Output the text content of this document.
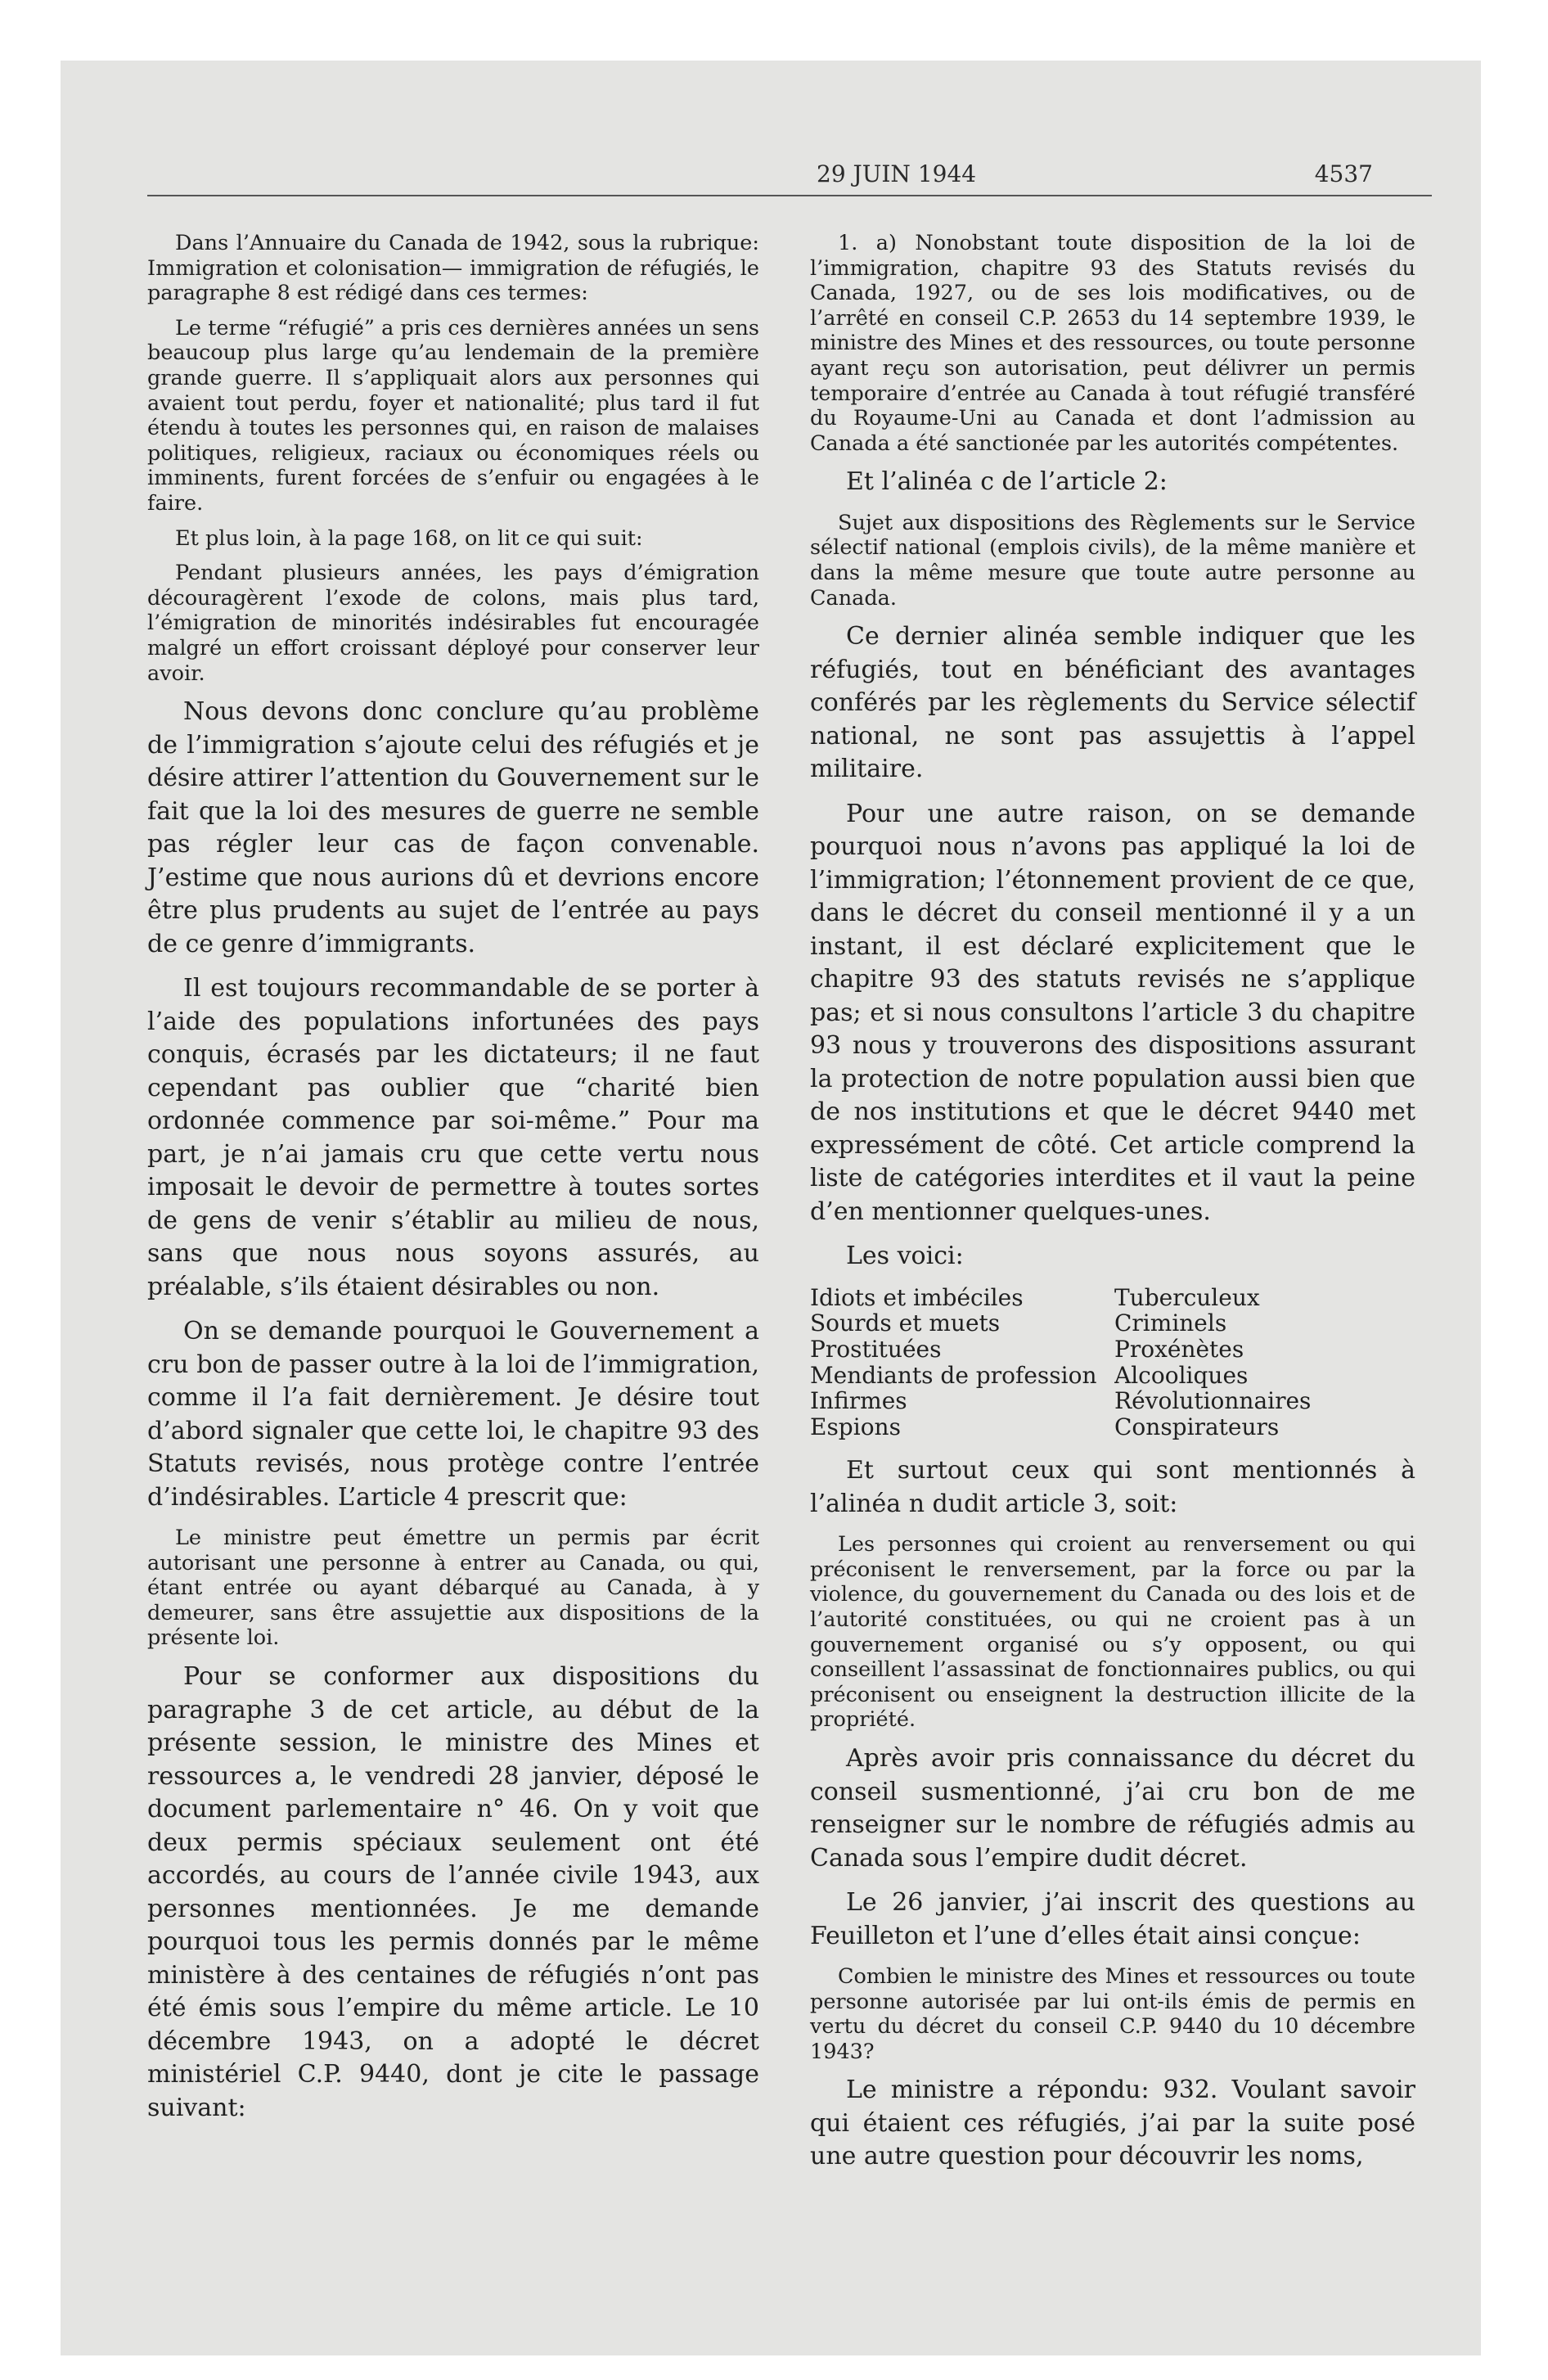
29 JUIN 1944	4537

Dans l’Annuaire du Canada de 1942, sous la rubrique: Immigration et colonisation— immigration de réfugiés, le paragraphe 8 est rédigé dans ces termes:

Le terme “réfugié” a pris ces dernières années un sens beaucoup plus large qu’au lendemain de la première grande guerre. Il s’appliquait alors aux personnes qui avaient tout perdu, foyer et nationalité; plus tard il fut étendu à toutes les personnes qui, en raison de malaises politiques, religieux, raciaux ou économiques réels ou imminents, furent forcées de s’enfuir ou engagées à le faire.

Et plus loin, à la page 168, on lit ce qui suit:

Pendant plusieurs années, les pays d’émigration découragèrent l’exode de colons, mais plus tard, l’émigration de minorités indésirables fut encouragée malgré un effort croissant déployé pour conserver leur avoir.

Nous devons donc conclure qu’au problème de l’immigration s’ajoute celui des réfugiés et je désire attirer l’attention du Gouvernement sur le fait que la loi des mesures de guerre ne semble pas régler leur cas de façon convenable. J’estime que nous aurions dû et devrions encore être plus prudents au sujet de l’entrée au pays de ce genre d’immigrants.

Il est toujours recommandable de se porter à l’aide des populations infortunées des pays conquis, écrasés par les dictateurs; il ne faut cependant pas oublier que “charité bien ordonnée commence par soi-même.” Pour ma part, je n’ai jamais cru que cette vertu nous imposait le devoir de permettre à toutes sortes de gens de venir s’établir au milieu de nous, sans que nous nous soyons assurés, au préalable, s’ils étaient désirables ou non.

On se demande pourquoi le Gouvernement a cru bon de passer outre à la loi de l’immigration, comme il l’a fait dernièrement. Je désire tout d’abord signaler que cette loi, le chapitre 93 des Statuts revisés, nous protège contre l’entrée d’indésirables. L’article 4 prescrit que:

Le ministre peut émettre un permis par écrit autorisant une personne à entrer au Canada, ou qui, étant entrée ou ayant débarqué au Canada, à y demeurer, sans être assujettie aux dispositions de la présente loi.

Pour se conformer aux dispositions du paragraphe 3 de cet article, au début de la présente session, le ministre des Mines et ressources a, le vendredi 28 janvier, déposé le document parlementaire n° 46. On y voit que deux permis spéciaux seulement ont été accordés, au cours de l’année civile 1943, aux personnes mentionnées. Je me demande pourquoi tous les permis donnés par le même ministère à des centaines de réfugiés n’ont pas été émis sous l’empire du même article. Le 10 décembre 1943, on a adopté le décret ministériel C.P. 9440, dont je cite le passage suivant:

1. a) Nonobstant toute disposition de la loi de l’immigration, chapitre 93 des Statuts revisés du Canada, 1927, ou de ses lois modificatives, ou de l’arrêté en conseil C.P. 2653 du 14 septembre 1939, le ministre des Mines et des ressources, ou toute personne ayant reçu son autorisation, peut délivrer un permis temporaire d’entrée au Canada à tout réfugié transféré du Royaume-Uni au Canada et dont l’admission au Canada a été sanctionée par les autorités compétentes.

Et l’alinéa c de l’article 2:

Sujet aux dispositions des Règlements sur le Service sélectif national (emplois civils), de la même manière et dans la même mesure que toute autre personne au Canada.

Ce dernier alinéa semble indiquer que les réfugiés, tout en bénéficiant des avantages conférés par les règlements du Service sélectif national, ne sont pas assujettis à l’appel militaire.

Pour une autre raison, on se demande pourquoi nous n’avons pas appliqué la loi de l’immigration; l’étonnement provient de ce que, dans le décret du conseil mentionné il y a un instant, il est déclaré explicitement que le chapitre 93 des statuts revisés ne s’applique pas; et si nous consultons l’article 3 du chapitre 93 nous y trouverons des dispositions assurant la protection de notre population aussi bien que de nos institutions et que le décret 9440 met expressément de côté. Cet article comprend la liste de catégories interdites et il vaut la peine d’en mentionner quelques-unes.

Les voici:

Idiots et imbéciles	Tuberculeux
Sourds et muets	Criminels
Prostituées	Proxénètes
Mendiants de profession Alcooliques
Infirmes	Révolutionnaires
Espions	Conspirateurs

Et surtout ceux qui sont mentionnés à l’alinéa n dudit article 3, soit:

Les personnes qui croient au renversement ou qui préconisent le renversement, par la force ou par la violence, du gouvernement du Canada ou des lois et de l’autorité constituées, ou qui ne croient pas à un gouvernement organisé ou s’y opposent, ou qui conseillent l’assassinat de fonctionnaires publics, ou qui préconisent ou enseignent la destruction illicite de la propriété.

Après avoir pris connaissance du décret du conseil susmentionné, j’ai cru bon de me renseigner sur le nombre de réfugiés admis au Canada sous l’empire dudit décret.

Le 26 janvier, j’ai inscrit des questions au Feuilleton et l’une d’elles était ainsi conçue:

Combien le ministre des Mines et ressources ou toute personne autorisée par lui ont-ils émis de permis en vertu du décret du conseil C.P. 9440 du 10 décembre 1943?

Le ministre a répondu: 932. Voulant savoir qui étaient ces réfugiés, j’ai par la suite posé une autre question pour découvrir les noms,
